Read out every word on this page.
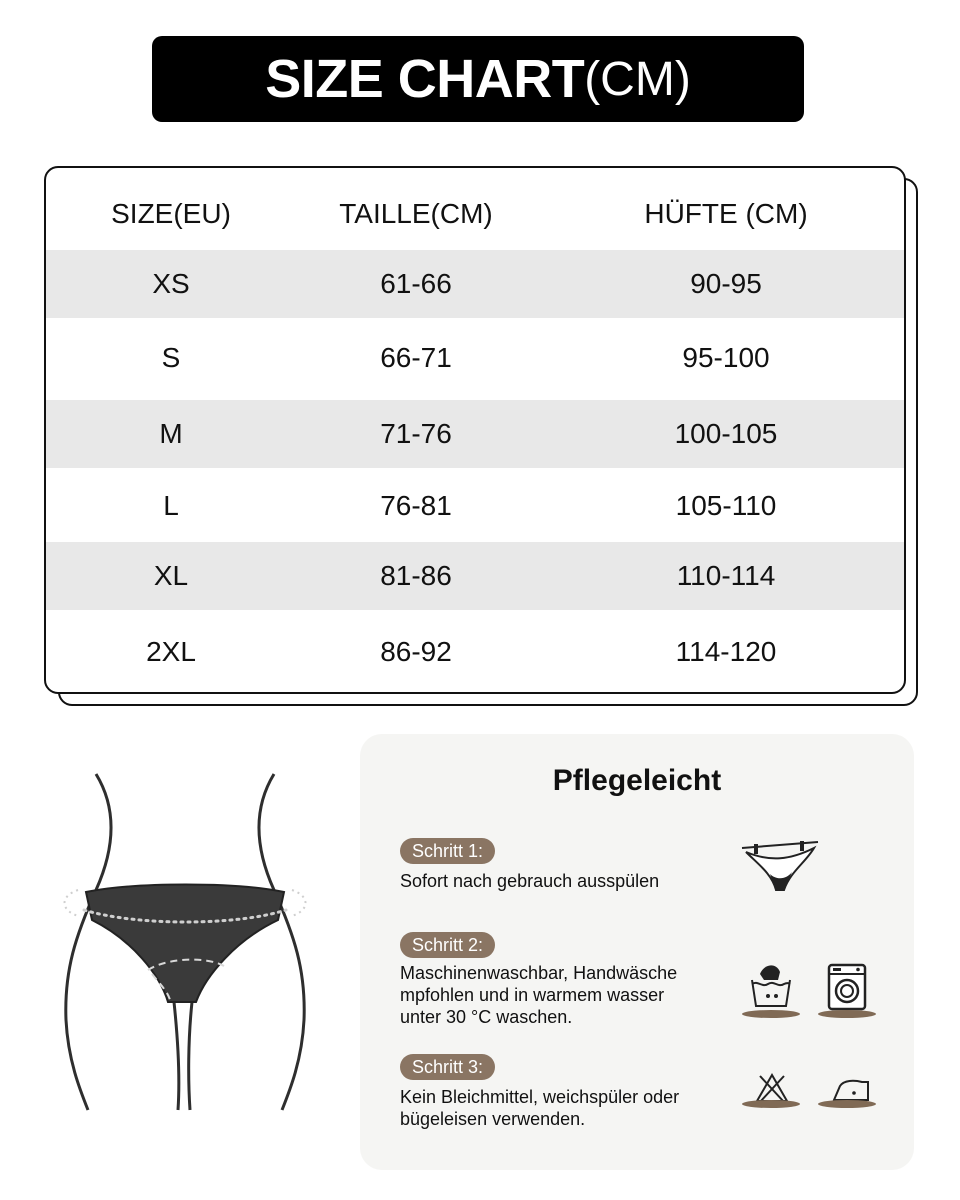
SIZE CHART (CM)
SIZE(EU)	TAILLE(CM)	HÜFTE (CM)
XS	61-66	90-95
S	66-71	95-100
M	71-76	100-105
L	76-81	105-110
XL	81-86	110-114
2XL	86-92	114-120
Pflegeleicht
Schritt 1:
Sofort nach gebrauch ausspülen
Schritt 2:
Maschinenwaschbar, Handwäsche
mpfohlen und in warmem wasser
unter 30 °C waschen.
Schritt 3:
Kein Bleichmittel, weichspüler oder
bügeleisen verwenden.
